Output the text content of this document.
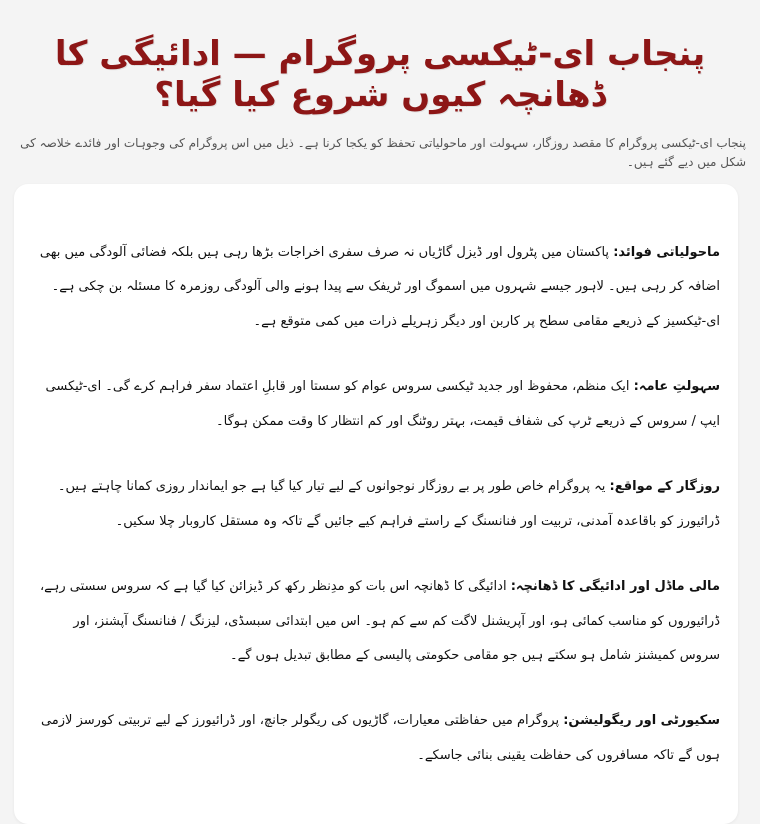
پنجاب ای-ٹیکسی پروگرام — ادائیگی کا ڈھانچہ کیوں شروع کیا گیا؟

پنجاب ای-ٹیکسی پروگرام کا مقصد روزگار، سہولت اور ماحولیاتی تحفظ کو یکجا کرنا ہے۔ ذیل میں اس پروگرام کی وجوہات اور فائدے خلاصہ کی شکل میں دیے گئے ہیں۔

ماحولیاتی فوائد: پاکستان میں پٹرول اور ڈیزل گاڑیاں نہ صرف سفری اخراجات بڑھا رہی ہیں بلکہ فضائی آلودگی میں بھی اضافہ کر رہی ہیں۔ لاہور جیسے شہروں میں اسموگ اور ٹریفک سے پیدا ہونے والی آلودگی روزمرہ کا مسئلہ بن چکی ہے۔ ای-ٹیکسیز کے ذریعے مقامی سطح پر کاربن اور دیگر زہریلے ذرات میں کمی متوقع ہے۔

سہولتِ عامہ: ایک منظم، محفوظ اور جدید ٹیکسی سروس عوام کو سستا اور قابلِ اعتماد سفر فراہم کرے گی۔ ای-ٹیکسی ایپ / سروس کے ذریعے ٹرپ کی شفاف قیمت، بہتر روٹنگ اور کم انتظار کا وقت ممکن ہوگا۔

روزگار کے مواقع: یہ پروگرام خاص طور پر بے روزگار نوجوانوں کے لیے تیار کیا گیا ہے جو ایماندار روزی کمانا چاہتے ہیں۔ ڈرائیورز کو باقاعدہ آمدنی، تربیت اور فنانسنگ کے راستے فراہم کیے جائیں گے تاکہ وہ مستقل کاروبار چلا سکیں۔

مالی ماڈل اور ادائیگی کا ڈھانچہ: ادائیگی کا ڈھانچہ اس بات کو مدِنظر رکھ کر ڈیزائن کیا گیا ہے کہ سروس سستی رہے، ڈرائیوروں کو مناسب کمائی ہو، اور آپریشنل لاگت کم سے کم ہو۔ اس میں ابتدائی سبسڈی، لیزنگ / فنانسنگ آپشنز، اور سروس کمیشنز شامل ہو سکتے ہیں جو مقامی حکومتی پالیسی کے مطابق تبدیل ہوں گے۔

سکیورٹی اور ریگولیشن: پروگرام میں حفاظتی معیارات، گاڑیوں کی ریگولر جانچ، اور ڈرائیورز کے لیے تربیتی کورسز لازمی ہوں گے تاکہ مسافروں کی حفاظت یقینی بنائی جاسکے۔
